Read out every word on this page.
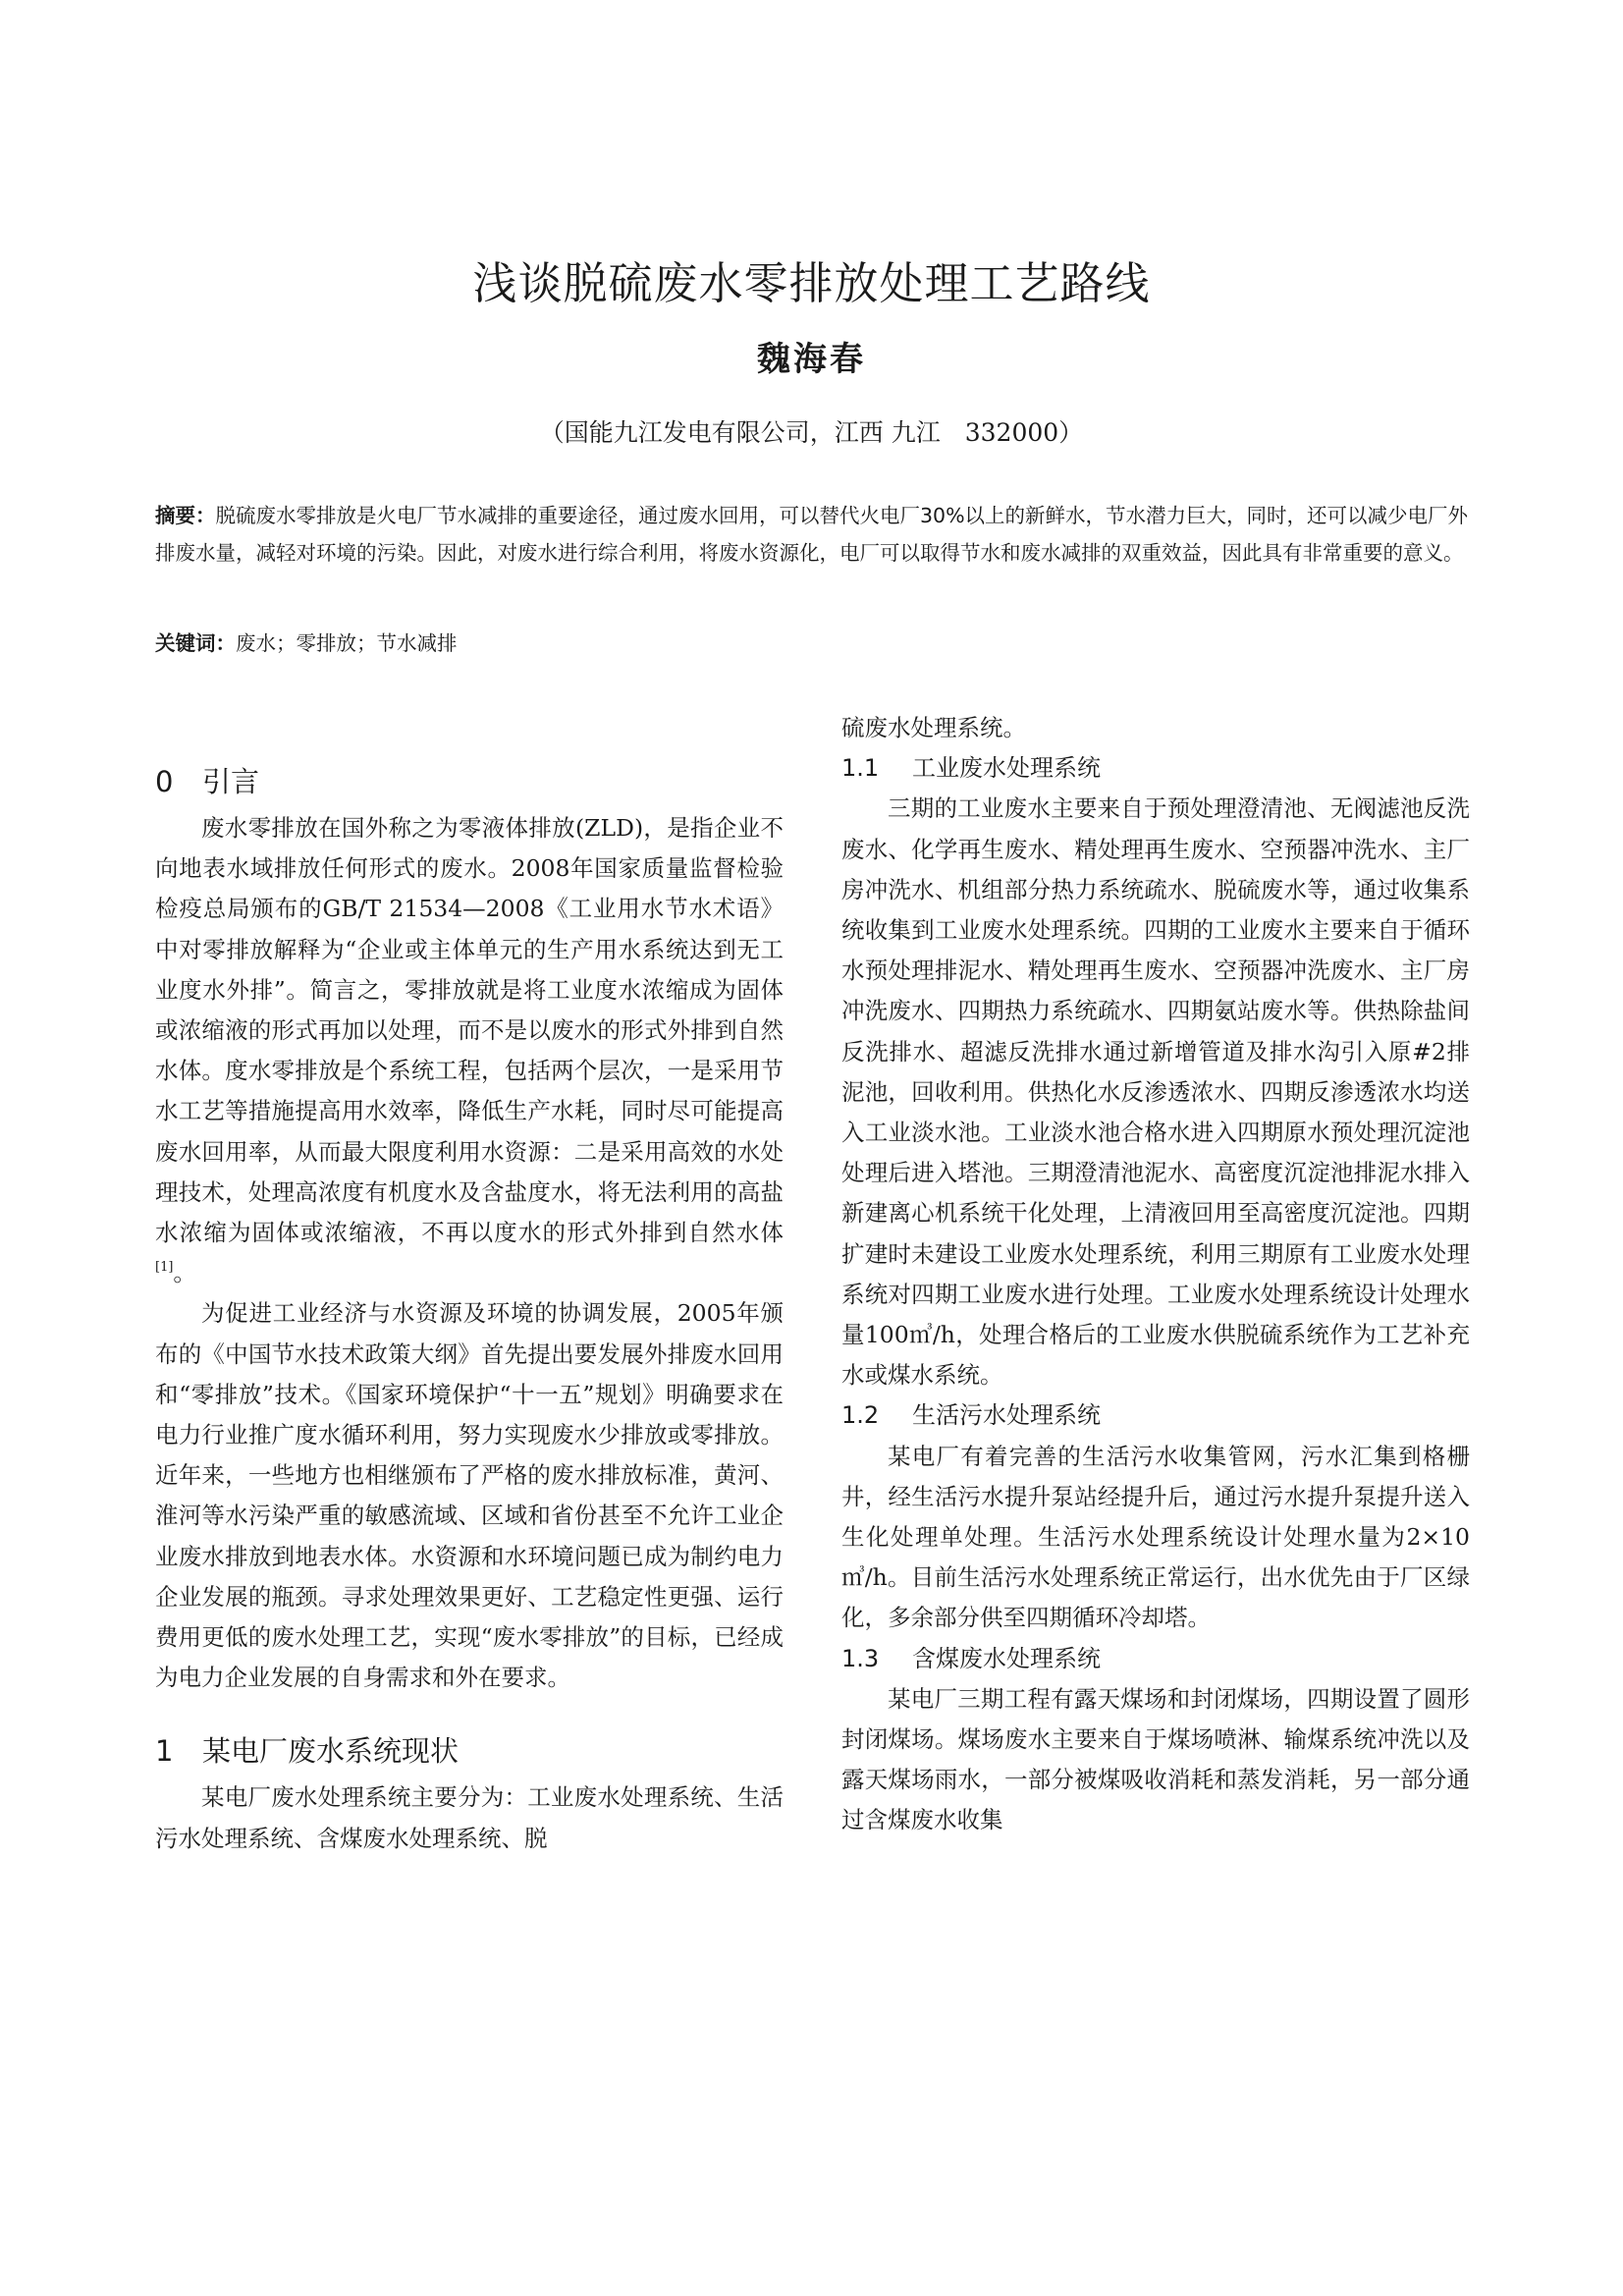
浅谈脱硫废水零排放处理工艺路线
魏海春
（国能九江发电有限公司，江西 九江　332000）
摘要：脱硫废水零排放是火电厂节水减排的重要途径，通过废水回用，可以替代火电厂30%以上的新鲜水，节水潜力巨大，同时，还可以减少电厂外排废水量，减轻对环境的污染。因此，对废水进行综合利用，将废水资源化，电厂可以取得节水和废水减排的双重效益，因此具有非常重要的意义。
关键词：废水；零排放；节水减排
0 引言

废水零排放在国外称之为零液体排放(ZLD)，是指企业不向地表水域排放任何形式的废水。2008年国家质量监督检验检疫总局颁布的GB/T 21534—2008《工业用水节水术语》中对零排放解释为“企业或主体单元的生产用水系统达到无工业度水外排”。简言之，零排放就是将工业度水浓缩成为固体或浓缩液的形式再加以处理，而不是以废水的形式外排到自然水体。度水零排放是个系统工程，包括两个层次，一是采用节水工艺等措施提高用水效率，降低生产水耗，同时尽可能提高废水回用率，从而最大限度利用水资源：二是采用高效的水处理技术，处理高浓度有机度水及含盐度水，将无法利用的高盐水浓缩为固体或浓缩液，不再以度水的形式外排到自然水体[1]。

为促进工业经济与水资源及环境的协调发展，2005年颁布的《中国节水技术政策大纲》首先提出要发展外排废水回用和“零排放”技术。《国家环境保护“十一五”规划》明确要求在电力行业推广度水循环利用，努力实现废水少排放或零排放。近年来，一些地方也相继颁布了严格的废水排放标准，黄河、淮河等水污染严重的敏感流域、区域和省份甚至不允许工业企业废水排放到地表水体。水资源和水环境问题已成为制约电力企业发展的瓶颈。寻求处理效果更好、工艺稳定性更强、运行费用更低的废水处理工艺，实现“废水零排放”的目标，已经成为电力企业发展的自身需求和外在要求。

1 某电厂废水系统现状

某电厂废水处理系统主要分为：工业废水处理系统、生活污水处理系统、含煤废水处理系统、脱

硫废水处理系统。

1.1 工业废水处理系统

三期的工业废水主要来自于预处理澄清池、无阀滤池反洗废水、化学再生废水、精处理再生废水、空预器冲洗水、主厂房冲洗水、机组部分热力系统疏水、脱硫废水等，通过收集系统收集到工业废水处理系统。四期的工业废水主要来自于循环水预处理排泥水、精处理再生废水、空预器冲洗废水、主厂房冲洗废水、四期热力系统疏水、四期氨站废水等。供热除盐间反洗排水、超滤反洗排水通过新增管道及排水沟引入原#2排泥池，回收利用。供热化水反渗透浓水、四期反渗透浓水均送入工业淡水池。工业淡水池合格水进入四期原水预处理沉淀池处理后进入塔池。三期澄清池泥水、高密度沉淀池排泥水排入新建离心机系统干化处理，上清液回用至高密度沉淀池。四期扩建时未建设工业废水处理系统，利用三期原有工业废水处理系统对四期工业废水进行处理。工业废水处理系统设计处理水量100㎥/h，处理合格后的工业废水供脱硫系统作为工艺补充水或煤水系统。

1.2 生活污水处理系统

某电厂有着完善的生活污水收集管网，污水汇集到格栅井，经生活污水提升泵站经提升后，通过污水提升泵提升送入生化处理单处理。生活污水处理系统设计处理水量为2×10㎥/h。目前生活污水处理系统正常运行，出水优先由于厂区绿化，多余部分供至四期循环冷却塔。

1.3 含煤废水处理系统

某电厂三期工程有露天煤场和封闭煤场，四期设置了圆形封闭煤场。煤场废水主要来自于煤场喷淋、输煤系统冲洗以及露天煤场雨水，一部分被煤吸收消耗和蒸发消耗，另一部分通过含煤废水收集
